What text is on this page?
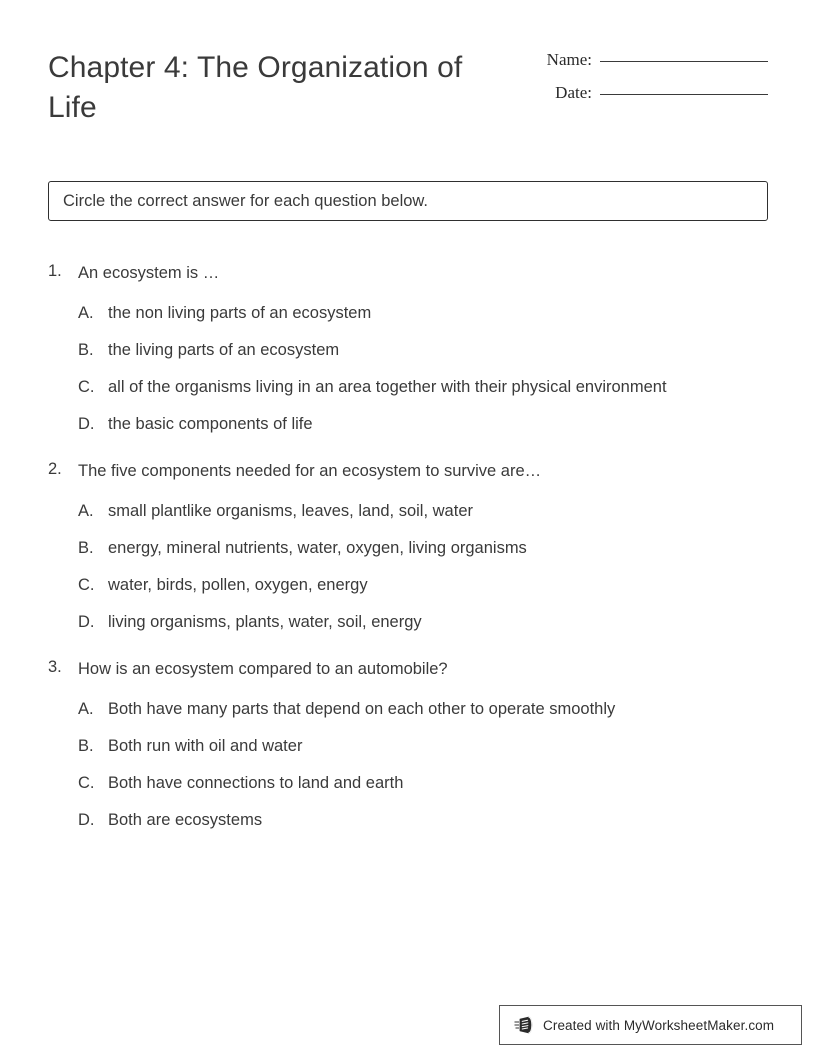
Chapter 4: The Organization of Life
Name:
Date:
Circle the correct answer for each question below.
1. An ecosystem is …
A. the non living parts of an ecosystem
B. the living parts of an ecosystem
C. all of the organisms living in an area together with their physical environment
D. the basic components of life
2. The five components needed for an ecosystem to survive are…
A. small plantlike organisms, leaves, land, soil, water
B. energy, mineral nutrients, water, oxygen, living organisms
C. water, birds, pollen, oxygen, energy
D. living organisms, plants, water, soil, energy
3. How is an ecosystem compared to an automobile?
A. Both have many parts that depend on each other to operate smoothly
B. Both run with oil and water
C. Both have connections to land and earth
D. Both are ecosystems
Created with MyWorksheetMaker.com
